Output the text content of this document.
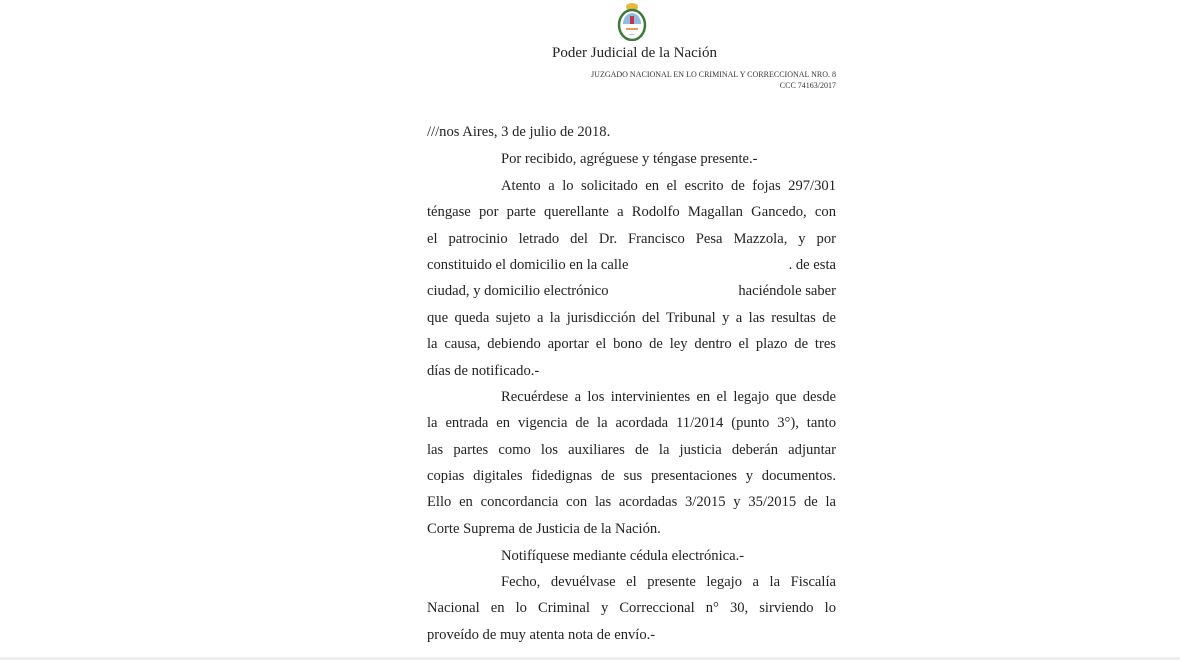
Poder Judicial de la Nación
JUZGADO NACIONAL EN LO CRIMINAL Y CORRECCIONAL NRO. 8
CCC 74163/2017
///nos Aires, 3 de julio de 2018.
Por recibido, agréguese y téngase presente.-
Atento a lo solicitado en el escrito de fojas 297/301
téngase por parte querellante a Rodolfo Magallan Gancedo, con
el patrocinio letrado del Dr. Francisco Pesa Mazzola, y por
constituido el domicilio en la calle	. de esta
ciudad, y domicilio electrónico	haciéndole saber
que queda sujeto a la jurisdicción del Tribunal y a las resultas de
la causa, debiendo aportar el bono de ley dentro el plazo de tres
días de notificado.-
Recuérdese a los intervinientes en el legajo que desde
la entrada en vigencia de la acordada 11/2014 (punto 3°), tanto
las partes como los auxiliares de la justicia deberán adjuntar
copias digitales fidedignas de sus presentaciones y documentos.
Ello en concordancia con las acordadas 3/2015 y 35/2015 de la
Corte Suprema de Justicia de la Nación.
Notifíquese mediante cédula electrónica.-
Fecho, devuélvase el presente legajo a la Fiscalía
Nacional en lo Criminal y Correccional n° 30, sirviendo lo
proveído de muy atenta nota de envío.-
